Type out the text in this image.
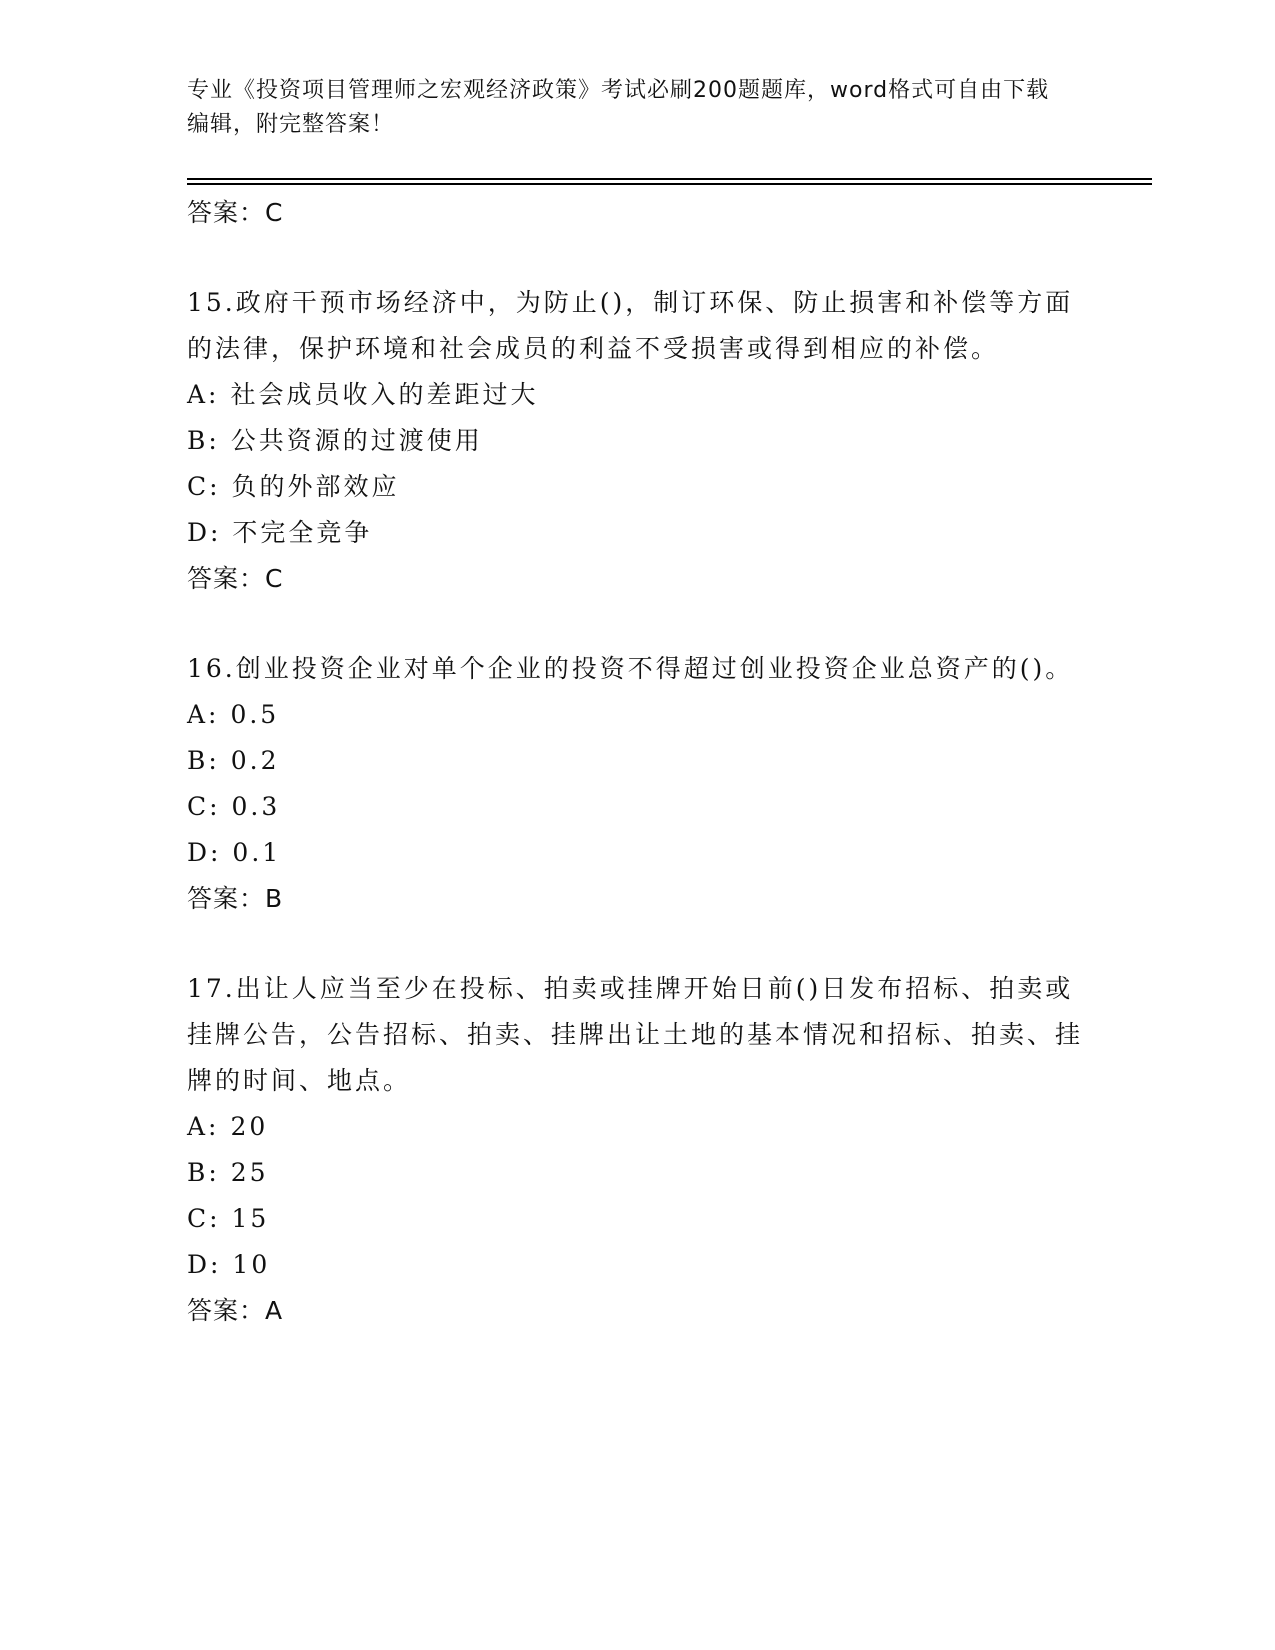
专业《投资项目管理师之宏观经济政策》考试必刷200题题库，word格式可自由下载编辑，附完整答案！
答案：C

15.政府干预市场经济中，为防止()，制订环保、防止损害和补偿等方面的法律，保护环境和社会成员的利益不受损害或得到相应的补偿。

A: 社会成员收入的差距过大

B: 公共资源的过渡使用

C: 负的外部效应

D: 不完全竞争

答案：C

16.创业投资企业对单个企业的投资不得超过创业投资企业总资产的()。

A: 0.5

B: 0.2

C: 0.3

D: 0.1

答案：B

17.出让人应当至少在投标、拍卖或挂牌开始日前()日发布招标、拍卖或挂牌公告，公告招标、拍卖、挂牌出让土地的基本情况和招标、拍卖、挂牌的时间、地点。

A: 20

B: 25

C: 15

D: 10

答案：A
